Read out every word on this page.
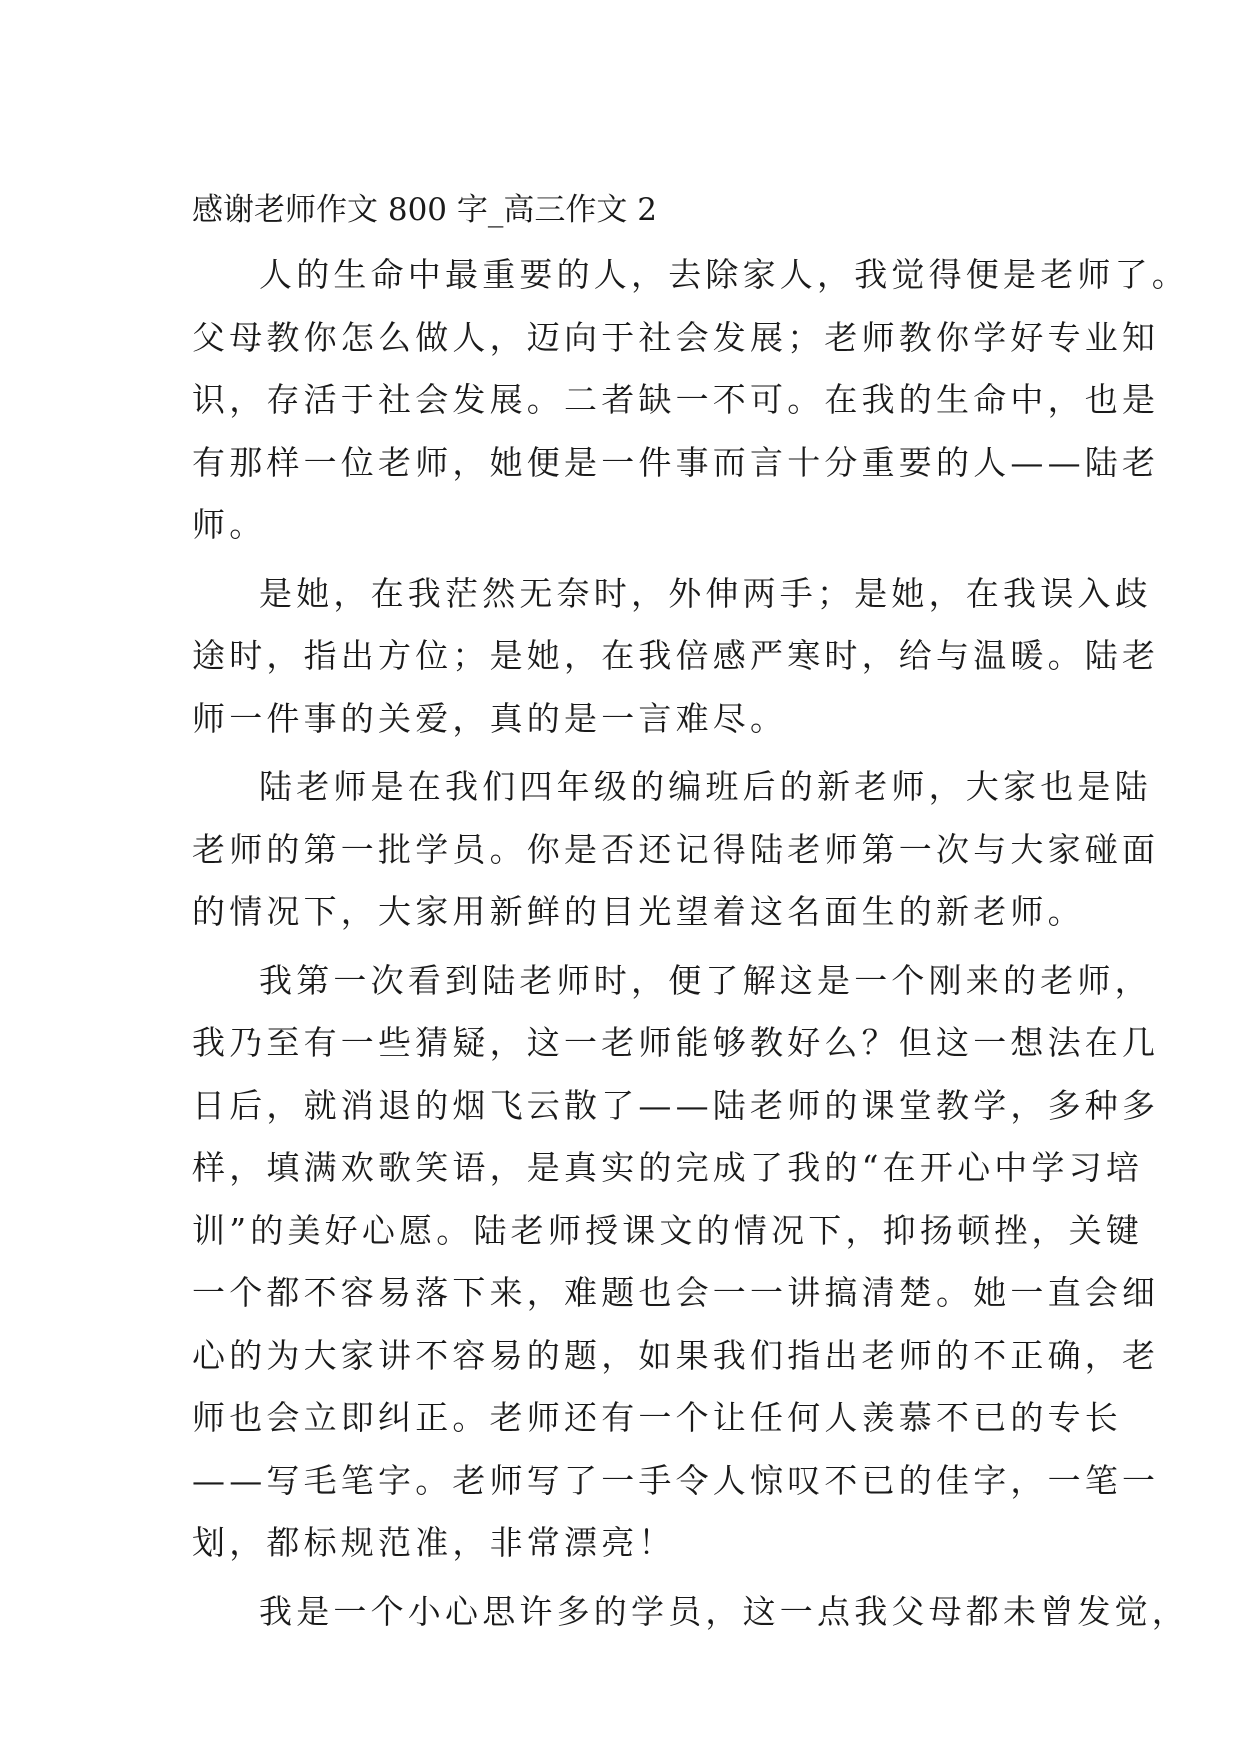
感谢老师作文 800 字_高三作文 2

人的生命中最重要的人，去除家人，我觉得便是老师了。
父母教你怎么做人，迈向于社会发展；老师教你学好专业知
识，存活于社会发展。二者缺一不可。在我的生命中，也是
有那样一位老师，她便是一件事而言十分重要的人——陆老
师。

是她，在我茫然无奈时，外伸两手；是她，在我误入歧
途时，指出方位；是她，在我倍感严寒时，给与温暖。陆老
师一件事的关爱，真的是一言难尽。

陆老师是在我们四年级的编班后的新老师，大家也是陆
老师的第一批学员。你是否还记得陆老师第一次与大家碰面
的情况下，大家用新鲜的目光望着这名面生的新老师。

我第一次看到陆老师时，便了解这是一个刚来的老师，
我乃至有一些猜疑，这一老师能够教好么？但这一想法在几
日后，就消退的烟飞云散了——陆老师的课堂教学，多种多
样，填满欢歌笑语，是真实的完成了我的“在开心中学习培
训”的美好心愿。陆老师授课文的情况下，抑扬顿挫，关键
一个都不容易落下来，难题也会一一讲搞清楚。她一直会细
心的为大家讲不容易的题，如果我们指出老师的不正确，老
师也会立即纠正。老师还有一个让任何人羡慕不已的专长
——写毛笔字。老师写了一手令人惊叹不已的佳字，一笔一
划，都标规范准，非常漂亮！

我是一个小心思许多的学员，这一点我父母都未曾发觉，
